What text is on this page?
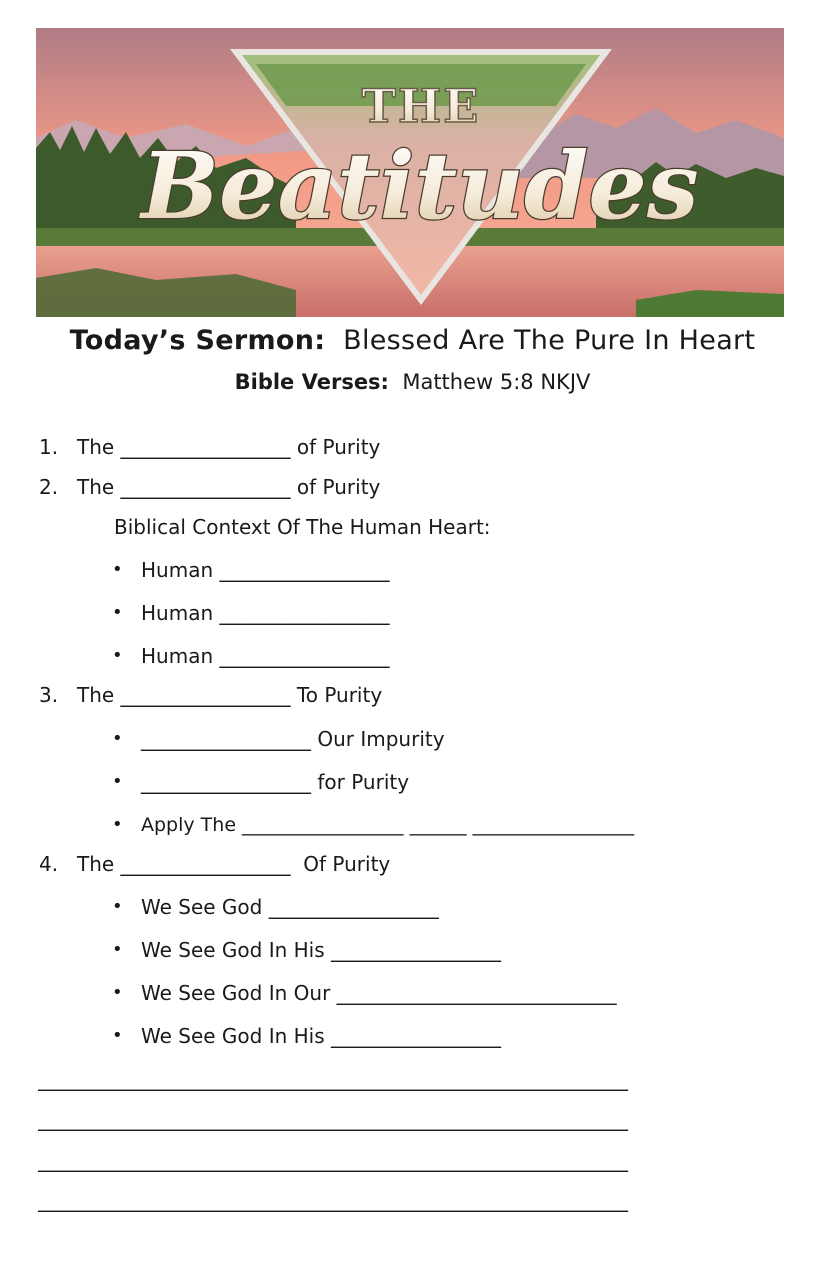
THE
Beatitudes
Today’s Sermon: Blessed Are The Pure In Heart
Bible Verses: Matthew 5:8 NKJV
1. The _________________ of Purity
2. The _________________ of Purity
Biblical Context Of The Human Heart:
• Human _________________
• Human _________________
• Human _________________
3. The _________________ To Purity
• _________________ Our Impurity
• _________________ for Purity
• Apply The _________________ ______ _________________
4. The _________________  Of Purity
• We See God _________________
• We See God In His _________________
• We See God In Our ____________________________
• We See God In His _________________
___________________________________________________________
___________________________________________________________
___________________________________________________________
___________________________________________________________
